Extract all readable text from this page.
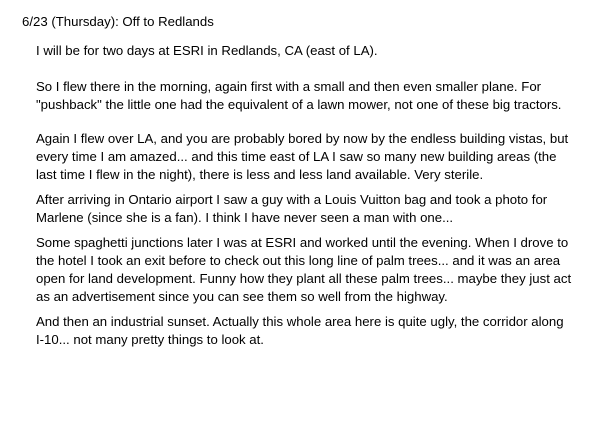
6/23 (Thursday): Off to Redlands
I will be for two days at ESRI in Redlands, CA (east of LA).
So I flew there in the morning, again first with a small and then even smaller plane. For
"pushback" the little one had the equivalent of a lawn mower, not one of these big tractors.
Again I flew over LA, and you are probably bored by now by the endless building vistas, but
every time I am amazed... and this time east of LA I saw so many new building areas (the
last time I flew in the night), there is less and less land available. Very sterile.
After arriving in Ontario airport I saw a guy with a Louis Vuitton bag and took a photo for
Marlene (since she is a fan). I think I have never seen a man with one...
Some spaghetti junctions later I was at ESRI and worked until the evening. When I drove to
the hotel I took an exit before to check out this long line of palm trees... and it was an area
open for land development. Funny how they plant all these palm trees... maybe they just act
as an advertisement since you can see them so well from the highway.
And then an industrial sunset. Actually this whole area here is quite ugly, the corridor along
I-10... not many pretty things to look at.
